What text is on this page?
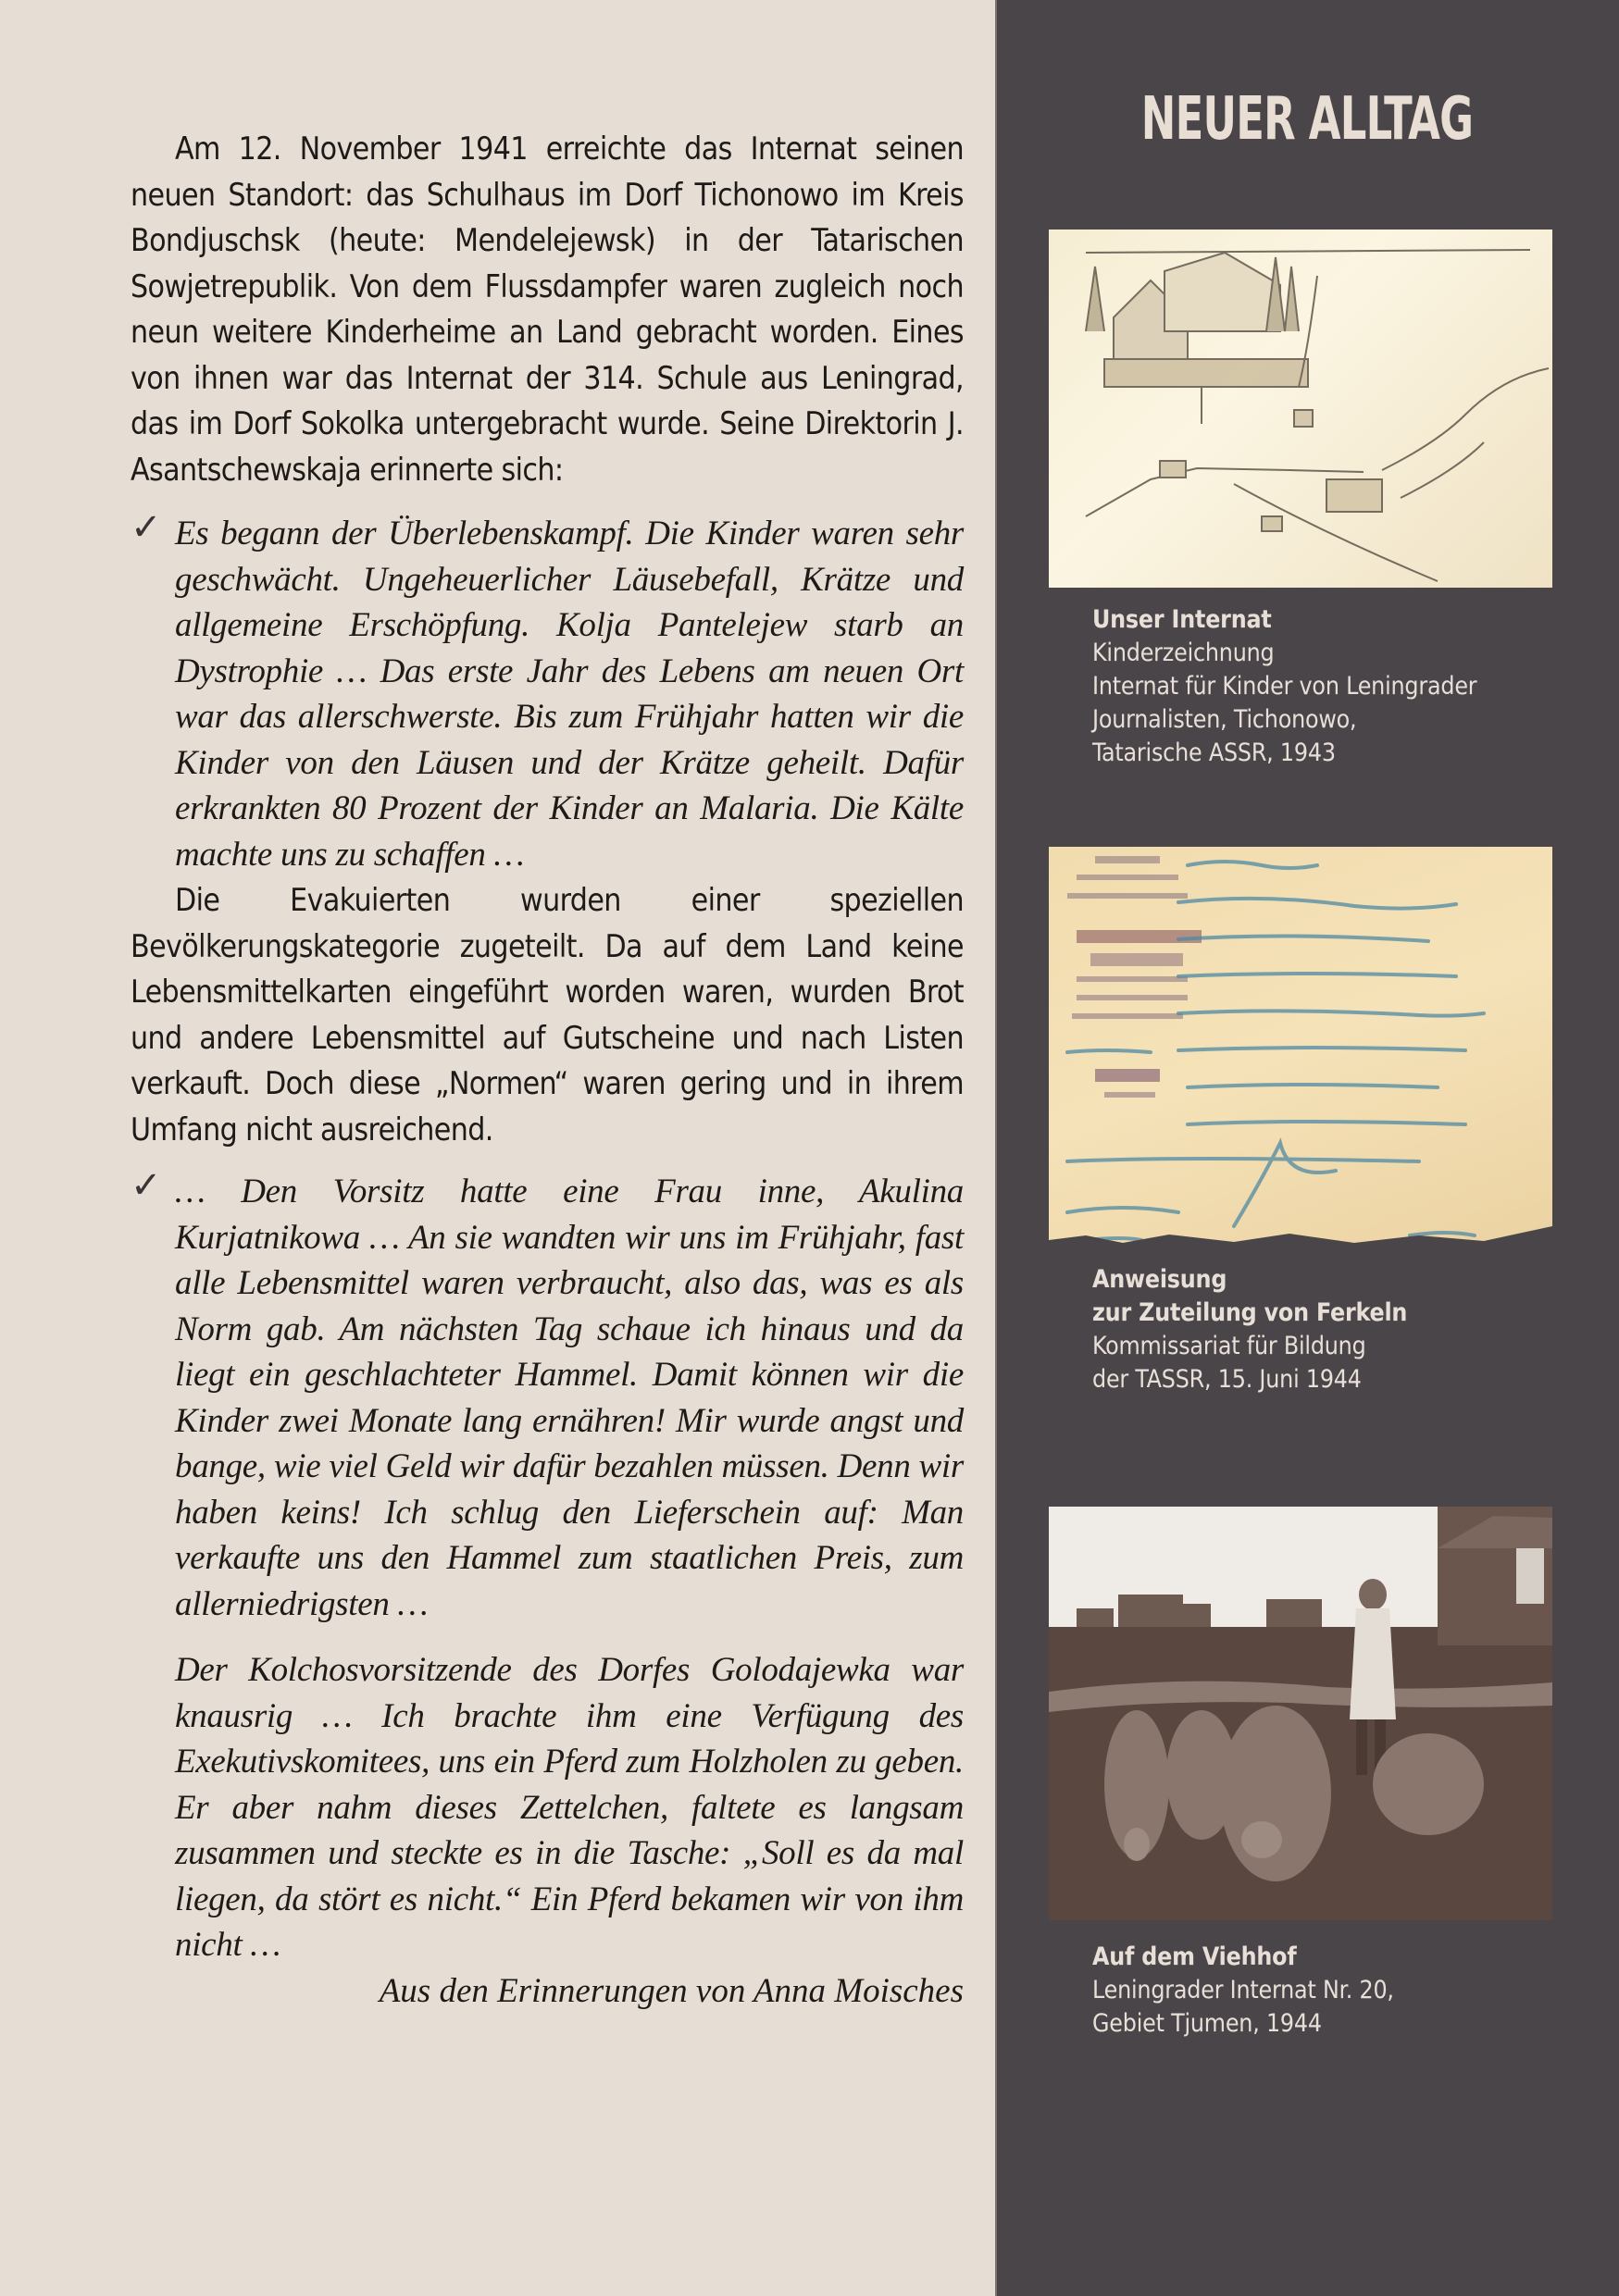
Am 12. November 1941 erreichte das Internat seinen neuen Standort: das Schulhaus im Dorf Tichonowo im Kreis Bondjuschsk (heute: Mendelejewsk) in der Tatarischen Sowjetrepublik. Von dem Flussdampfer waren zugleich noch neun weitere Kinderheime an Land gebracht worden. Eines von ihnen war das Internat der 314. Schule aus Leningrad, das im Dorf Sokolka untergebracht wurde. Seine Direktorin J. Asantschewskaja erinnerte sich:

✓ Es begann der Überlebenskampf. Die Kinder waren sehr geschwächt. Ungeheuerlicher Läusebefall, Krätze und allgemeine Erschöpfung. Kolja Pantelejew starb an Dystrophie … Das erste Jahr des Lebens am neuen Ort war das allerschwerste. Bis zum Frühjahr hatten wir die Kinder von den Läusen und der Krätze geheilt. Dafür erkrankten 80 Prozent der Kinder an Malaria. Die Kälte machte uns zu schaffen …

Die Evakuierten wurden einer speziellen Bevölkerungskategorie zugeteilt. Da auf dem Land keine Lebensmittelkarten eingeführt worden waren, wurden Brot und andere Lebensmittel auf Gutscheine und nach Listen verkauft. Doch diese „Normen“ waren gering und in ihrem Umfang nicht ausreichend.

✓ … Den Vorsitz hatte eine Frau inne, Akulina Kurjatnikowa … An sie wandten wir uns im Frühjahr, fast alle Lebensmittel waren verbraucht, also das, was es als Norm gab. Am nächsten Tag schaue ich hinaus und da liegt ein geschlachteter Hammel. Damit können wir die Kinder zwei Monate lang ernähren! Mir wurde angst und bange, wie viel Geld wir dafür bezahlen müssen. Denn wir haben keins! Ich schlug den Lieferschein auf: Man verkaufte uns den Hammel zum staatlichen Preis, zum allerniedrigsten …
Der Kolchosvorsitzende des Dorfes Golodajewka war knausrig … Ich brachte ihm eine Verfügung des Exekutivskomitees, uns ein Pferd zum Holzholen zu geben. Er aber nahm dieses Zettelchen, faltete es langsam zusammen und steckte es in die Tasche: „Soll es da mal liegen, da stört es nicht.“ Ein Pferd bekamen wir von ihm nicht …

Aus den Erinnerungen von Anna Moisches

NEUER ALLTAG
Unser Internat
Kinderzeichnung
Internat für Kinder von Leningrader
Journalisten, Tichonowo,
Tatarische ASSR, 1943
Anweisung
zur Zuteilung von Ferkeln
Kommissariat für Bildung
der TASSR, 15. Juni 1944
Auf dem Viehhof
Leningrader Internat Nr. 20,
Gebiet Tjumen, 1944
